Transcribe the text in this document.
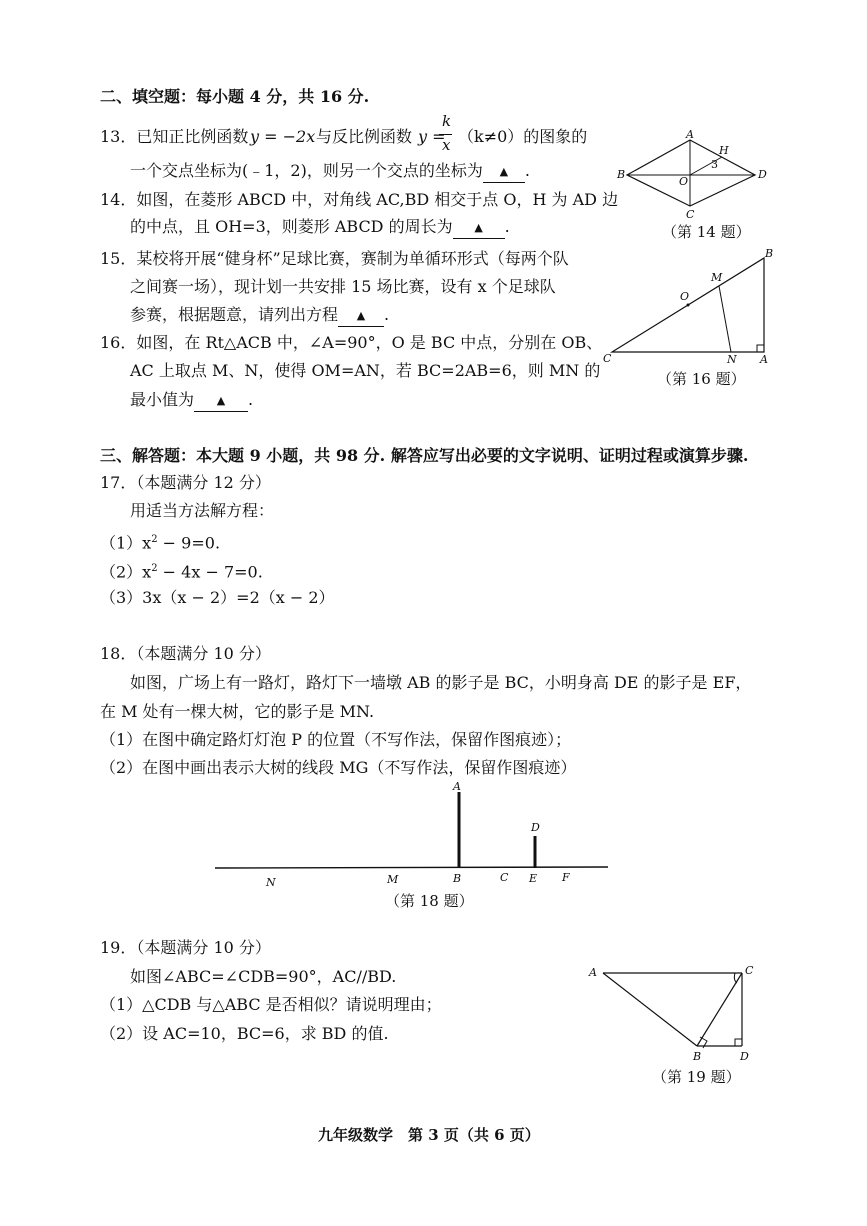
二、填空题：每小题 4 分，共 16 分.
13．已知正比例函数 y = −2x 与反比例函数 y =
k
x （k≠0）的图象的
一个交点坐标为(﹣1，2)，则另一个交点的坐标为 ▲ .
14．如图，在菱形 ABCD 中，对角线 AC,BD 相交于点 O，H 为 AD 边
的中点，且 OH=3，则菱形 ABCD 的周长为 ▲ .
15．某校将开展“健身杯”足球比赛，赛制为单循环形式（每两个队
之间赛一场），现计划一共安排 15 场比赛，设有 x 个足球队
参赛，根据题意，请列出方程 ▲ .
16．如图，在 Rt△ACB 中，∠A=90°，O 是 BC 中点，分别在 OB、
AC 上取点 M、N，使得 OM=AN，若 BC=2AB=6，则 MN 的
最小值为 ▲ .
A
B
C
D
H
O
3
（第 14 题）
B
M
O
C	N A
（第 16 题）
三、解答题：本大题 9 小题，共 98 分. 解答应写出必要的文字说明、证明过程或演算步骤.
17．（本题满分 12 分）
用适当方法解方程：
$(1)x^2 - 9=0$.
$(2)x^2 - 4x - 7=0$.
（3）3x（x − 2）=2（x − 2）
18．（本题满分 10 分）
如图，广场上有一路灯，路灯下一墙墩 AB 的影子是 BC，小明身高 DE 的影子是 EF，
在 M 处有一棵大树，它的影子是 MN.
（1）在图中确定路灯灯泡 P 的位置（不写作法，保留作图痕迹）；
（2）在图中画出表示大树的线段 MG（不写作法，保留作图痕迹）
A
D
N	M	B	C E F
（第 18 题）
19．（本题满分 10 分）
如图∠ABC=∠CDB=90°，AC//BD.
（1）△CDB 与△ABC 是否相似？请说明理由；
（2）设 AC=10，BC=6，求 BD 的值.
A	C
B	D
（第 19 题）
九年级数学　第 3 页（共 6 页）
